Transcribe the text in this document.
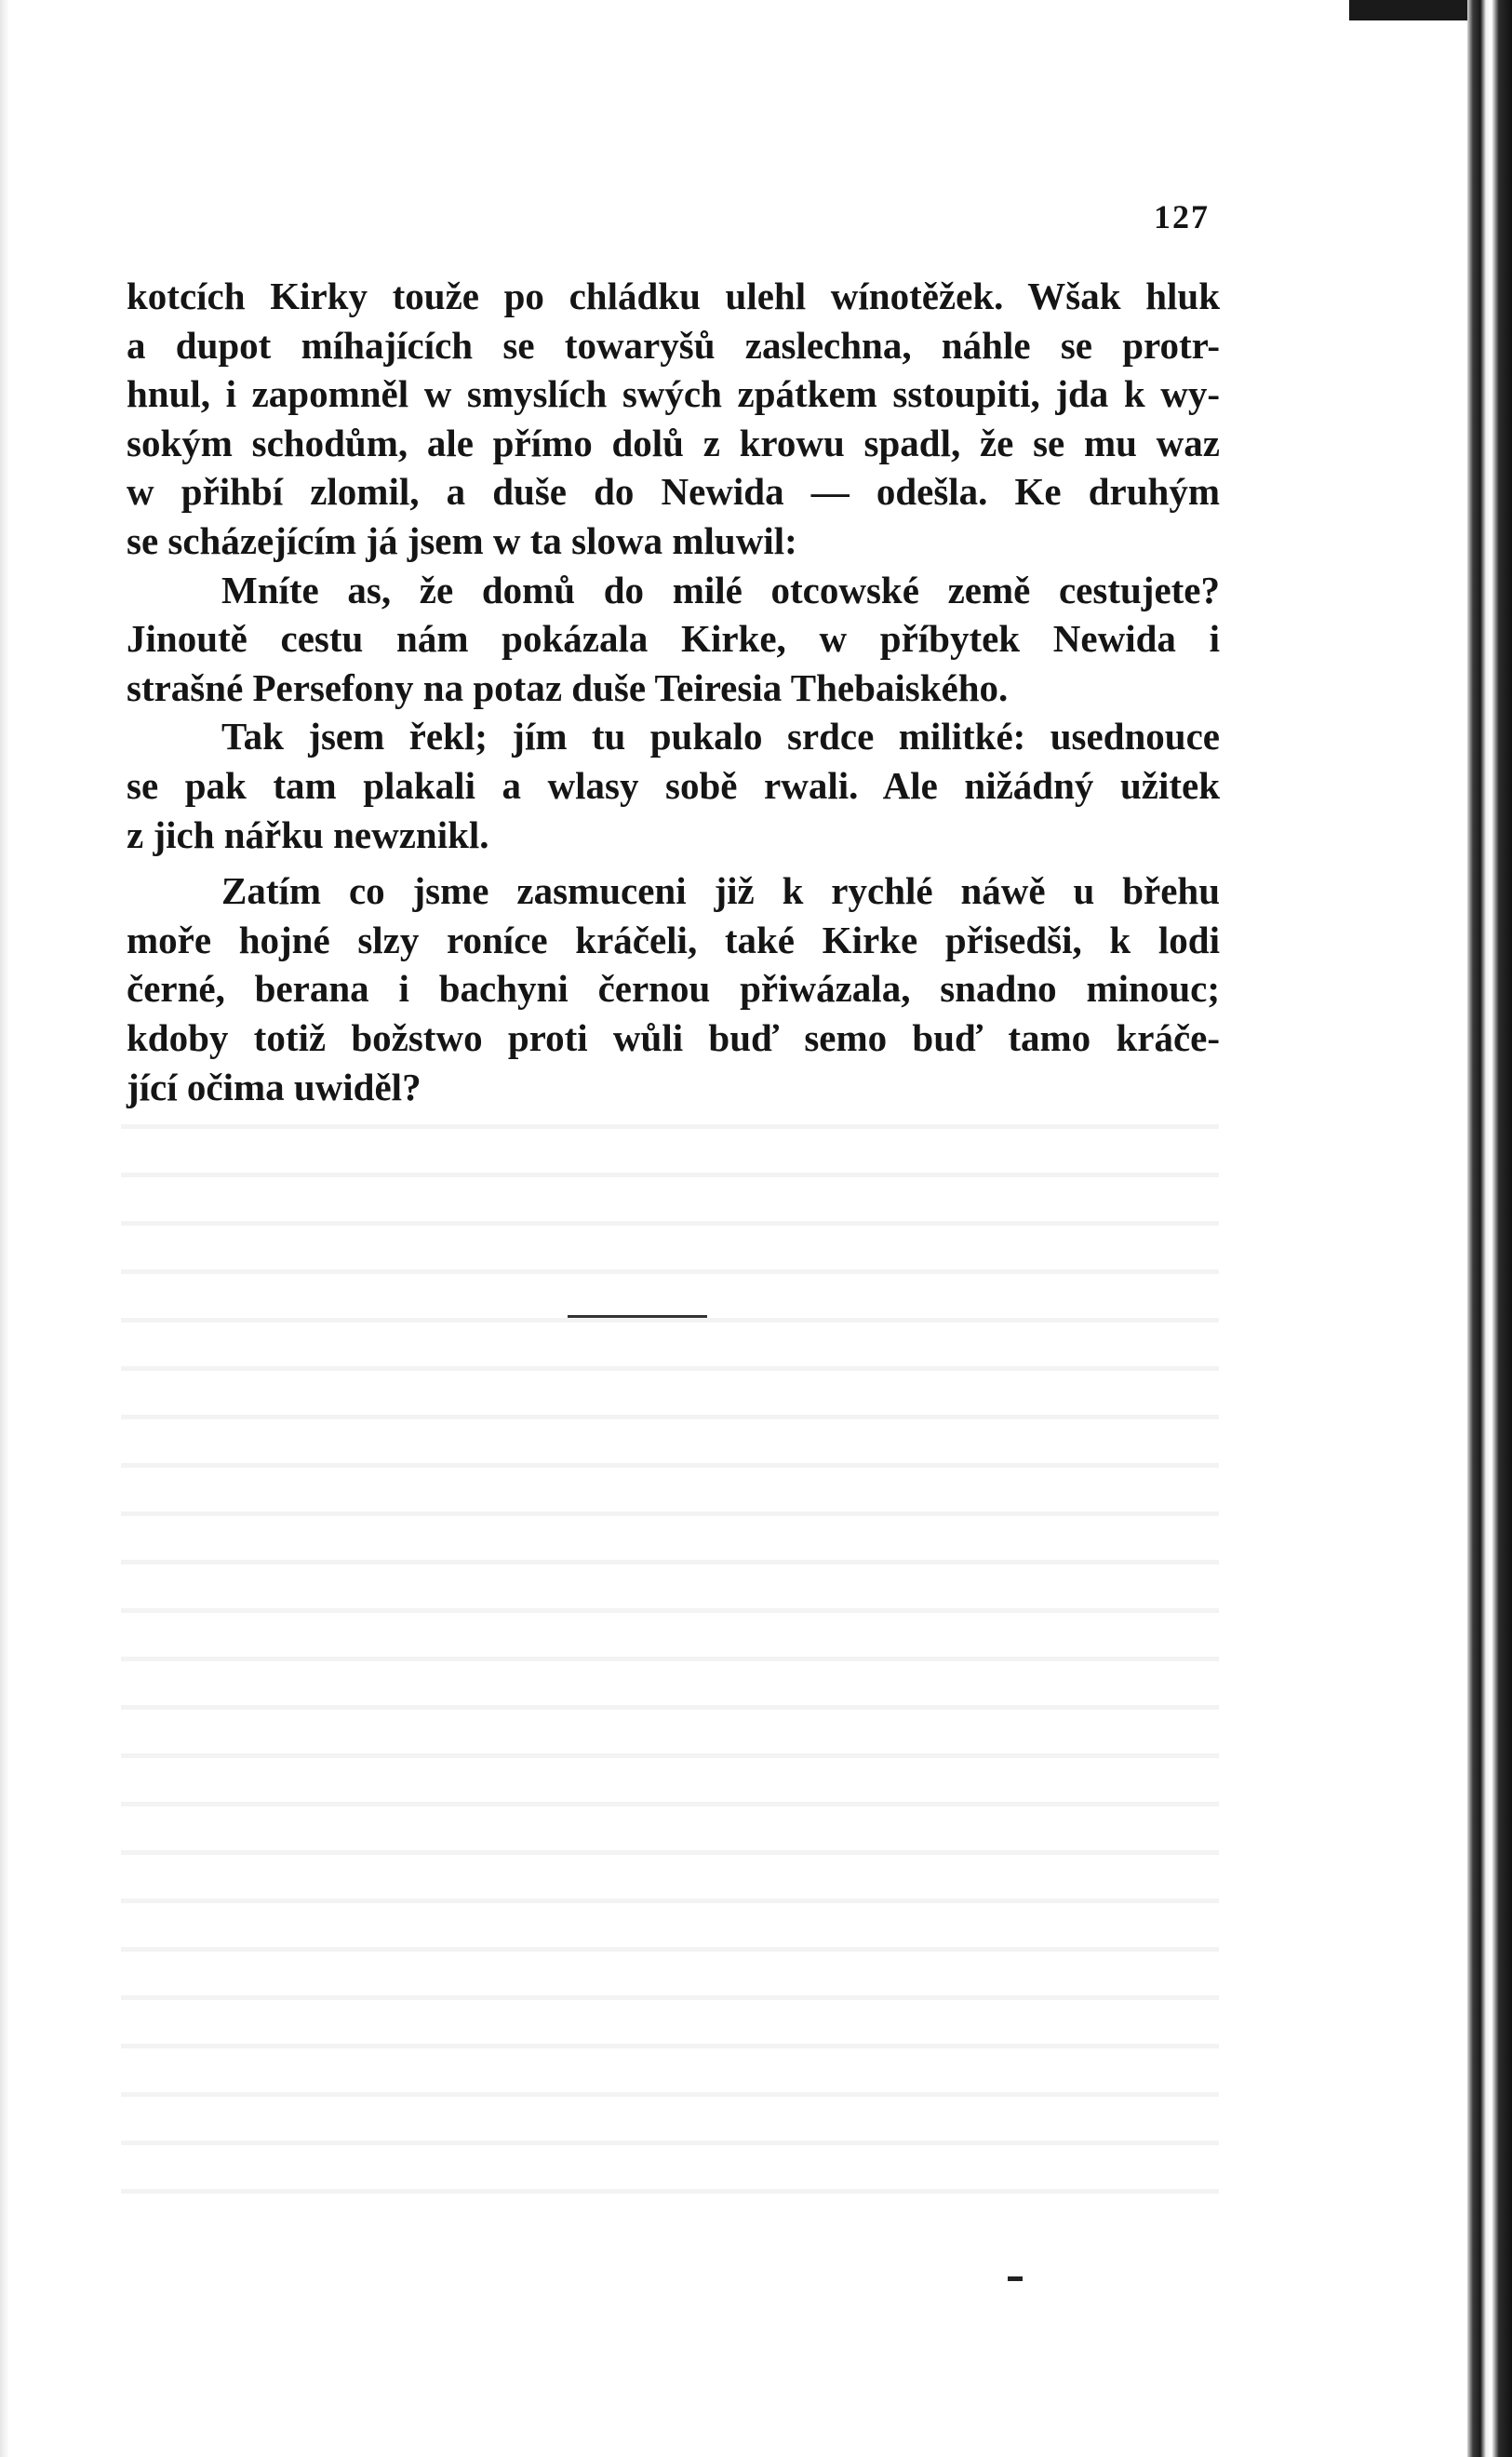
127
kotcích Kirky touže po chládku ulehl wínotěžek. Wšak hluk
a dupot míhajících se towaryšů zaslechna, náhle se protr-
hnul, i zapomněl w smyslích swých zpátkem sstoupiti, jda k wy-
sokým schodům, ale přímo dolů z krowu spadl, že se mu waz
w přihbí zlomil, a duše do Newida — odešla. Ke druhým
se scházejícím já jsem w ta slowa mluwil:
Mníte as, že domů do milé otcowské země cestujete?
Jinoutě cestu nám pokázala Kirke, w příbytek Newida i
strašné Persefony na potaz duše Teiresia Thebaiského.
Tak jsem řekl; jím tu pukalo srdce militké: usednouce
se pak tam plakali a wlasy sobě rwali. Ale nižádný užitek
z jich nářku newznikl.
Zatím co jsme zasmuceni již k rychlé náwě u břehu
moře hojné slzy roníce kráčeli, také Kirke přisedši, k lodi
černé, berana i bachyni černou přiwázala, snadno minouc;
kdoby totiž božstwo proti wůli buď semo buď tamo kráče-
jící očima uwiděl?
